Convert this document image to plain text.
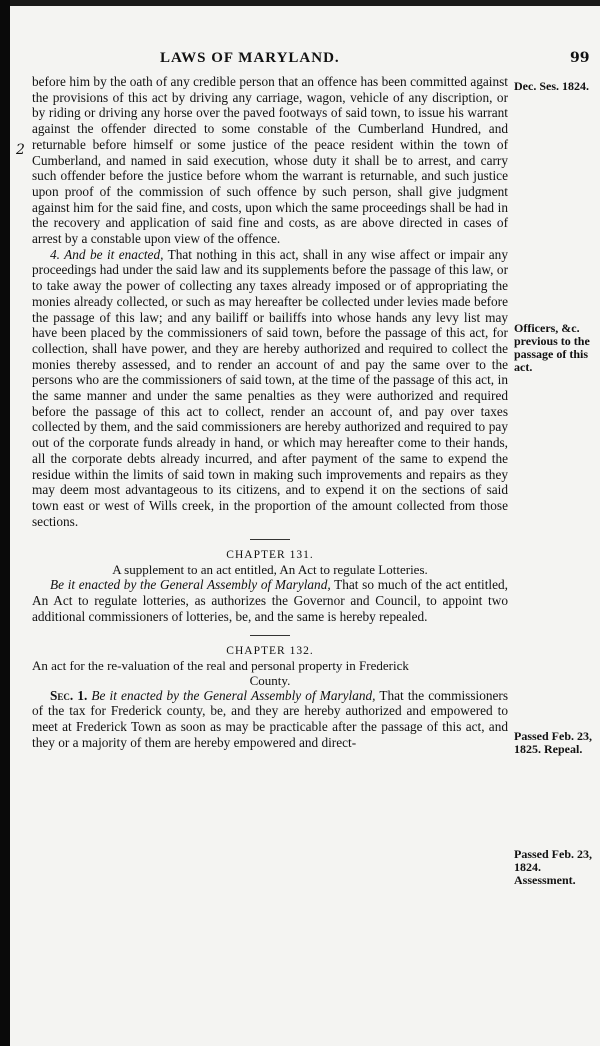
LAWS OF MARYLAND.	99
2
Dec. Ses. 1824.
Officers, &c. previous to the passage of this act.
Passed Feb. 23, 1825. Repeal.
Passed Feb. 23, 1824. Assessment.

before him by the oath of any credible person that an offence has been committed against the provisions of this act by driving any carriage, wagon, vehicle of any discription, or by riding or driving any horse over the paved footways of said town, to issue his warrant against the offender directed to some constable of the Cumberland Hundred, and returnable before himself or some justice of the peace resident within the town of Cumberland, and named in said execution, whose duty it shall be to arrest, and carry such offender before the justice before whom the warrant is returnable, and such justice upon proof of the commission of such offence by such person, shall give judgment against him for the said fine, and costs, upon which the same proceedings shall be had in the recovery and application of said fine and costs, as are above directed in cases of arrest by a constable upon view of the offence.

4. And be it enacted, That nothing in this act, shall in any wise affect or impair any proceedings had under the said law and its supplements before the passage of this law, or to take away the power of collecting any taxes already imposed or of appropriating the monies already collected, or such as may hereafter be collected under levies made before the passage of this law; and any bailiff or bailiffs into whose hands any levy list may have been placed by the commissioners of said town, before the passage of this act, for collection, shall have power, and they are hereby authorized and required to collect the monies thereby assessed, and to render an account of and pay the same over to the persons who are the commissioners of said town, at the time of the passage of this act, in the same manner and under the same penalties as they were authorized and required before the passage of this act to collect, render an account of, and pay over taxes collected by them, and the said commissioners are hereby authorized and required to pay out of the corporate funds already in hand, or which may hereafter come to their hands, all the corporate debts already incurred, and after payment of the same to expend the residue within the limits of said town in making such improvements and repairs as they may deem most advantageous to its citizens, and to expend it on the sections of said town east or west of Wills creek, in the proportion of the amount collected from those sections.

CHAPTER 131.

A supplement to an act entitled, An Act to regulate Lotteries.

Be it enacted by the General Assembly of Maryland, That so much of the act entitled, An Act to regulate lotteries, as authorizes the Governor and Council, to appoint two additional commissioners of lotteries, be, and the same is hereby repealed.

CHAPTER 132.

An act for the re-valuation of the real and personal property in Frederick
County.

Sec. 1. Be it enacted by the General Assembly of Maryland, That the commissioners of the tax for Frederick county, be, and they are hereby authorized and empowered to meet at Frederick Town as soon as may be practicable after the passage of this act, and they or a majority of them are hereby empowered and direct-
